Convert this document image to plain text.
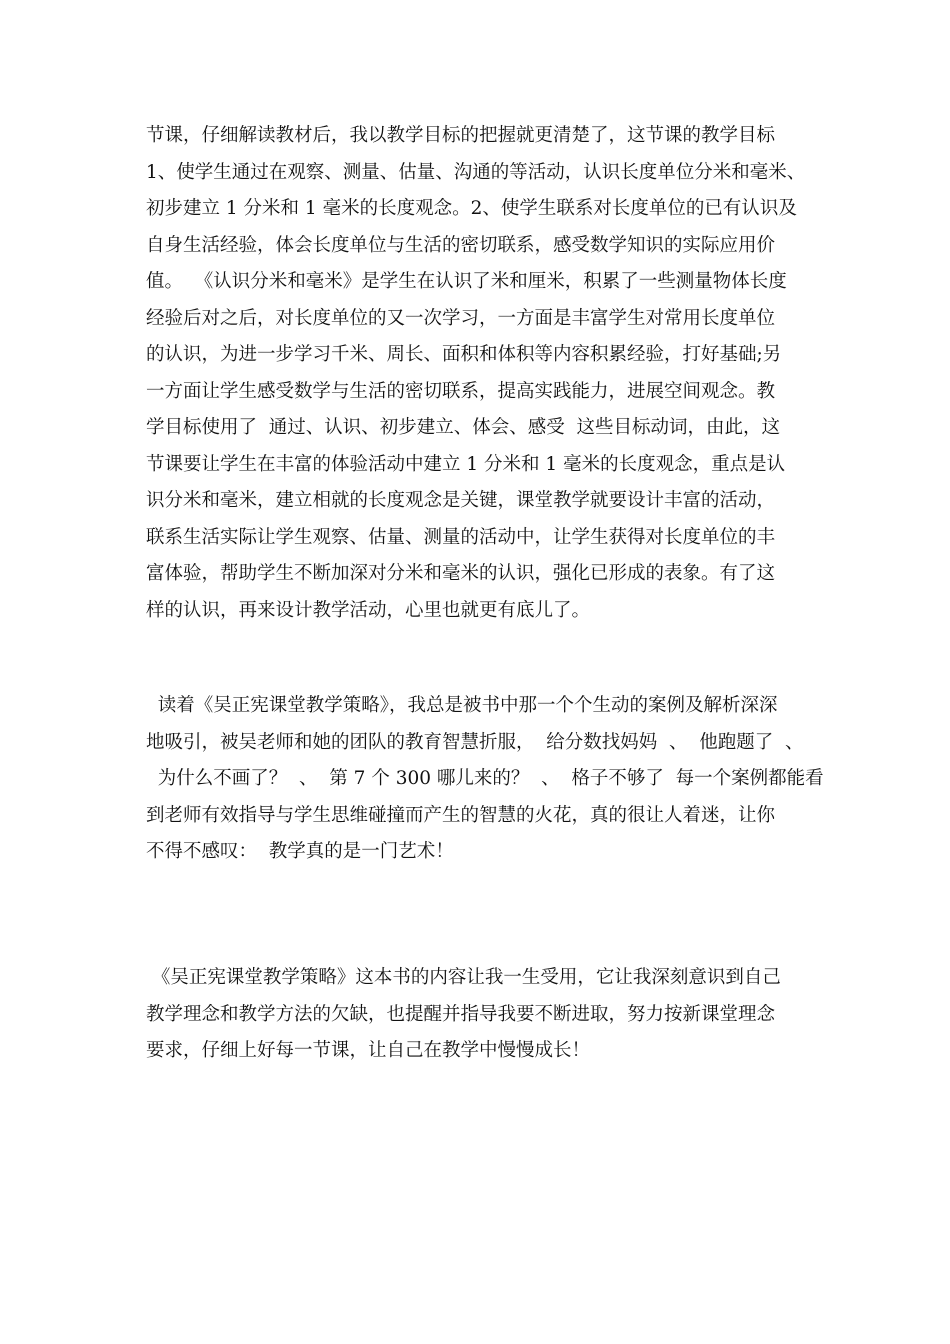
节课，仔细解读教材后，我以教学目标的把握就更清楚了，这节课的教学目标
1、使学生通过在观察、测量、估量、沟通的等活动，认识长度单位分米和毫米、
初步建立 1 分米和 1 毫米的长度观念。2、使学生联系对长度单位的已有认识及
自身生活经验，体会长度单位与生活的密切联系，感受数学知识的实际应用价
值。  《认识分米和毫米》是学生在认识了米和厘米，积累了一些测量物体长度
经验后对之后，对长度单位的又一次学习，一方面是丰富学生对常用长度单位
的认识，为进一步学习千米、周长、面积和体积等内容积累经验，打好基础;另
一方面让学生感受数学与生活的密切联系，提高实践能力，进展空间观念。教
学目标使用了  通过、认识、初步建立、体会、感受  这些目标动词，由此，这
节课要让学生在丰富的体验活动中建立 1 分米和 1 毫米的长度观念，重点是认
识分米和毫米，建立相就的长度观念是关键，课堂教学就要设计丰富的活动，
联系生活实际让学生观察、估量、测量的活动中，让学生获得对长度单位的丰
富体验，帮助学生不断加深对分米和毫米的认识，强化已形成的表象。有了这
样的认识，再来设计教学活动，心里也就更有底儿了。
读着《吴正宪课堂教学策略》，我总是被书中那一个个生动的案例及解析深深
地吸引，被吴老师和她的团队的教育智慧折服，  给分数找妈妈  、  他跑题了  、
为什么不画了？  、  第 7 个 300 哪儿来的？  、  格子不够了  每一个案例都能看
到老师有效指导与学生思维碰撞而产生的智慧的火花，真的很让人着迷，让你
不得不感叹：  教学真的是一门艺术！
《吴正宪课堂教学策略》这本书的内容让我一生受用，它让我深刻意识到自己
教学理念和教学方法的欠缺，也提醒并指导我要不断进取，努力按新课堂理念
要求，仔细上好每一节课，让自己在教学中慢慢成长！
